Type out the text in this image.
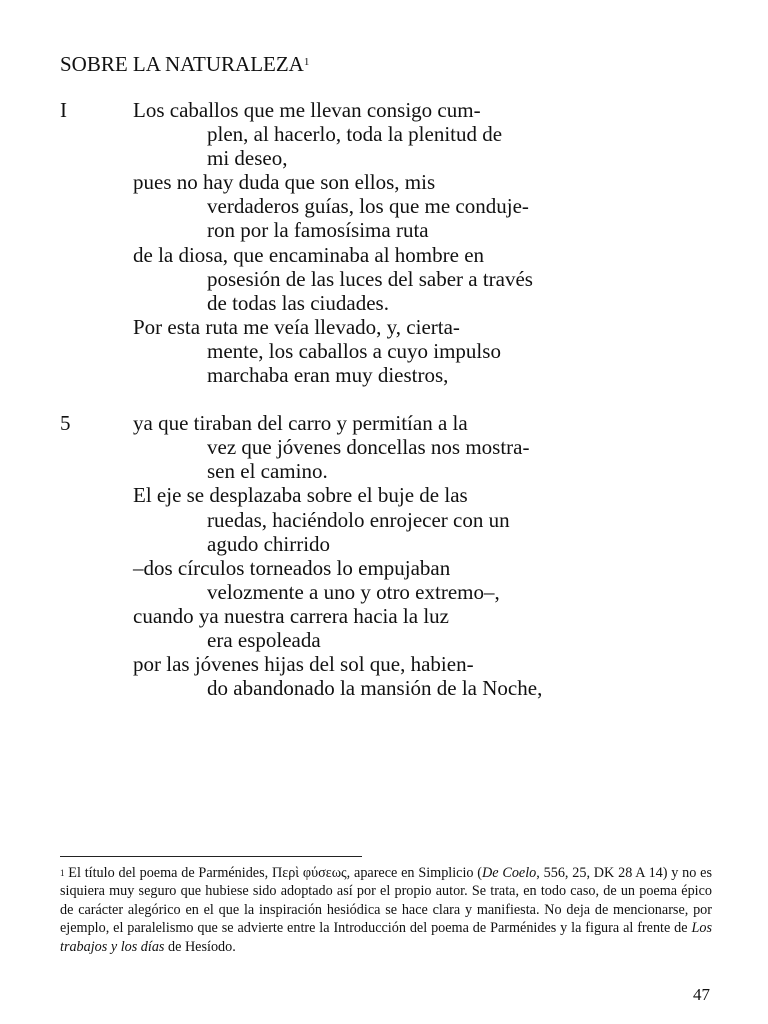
SOBRE LA NATURALEZA$^1$
I	Los caballos que me llevan consigo cum-

plen, al hacerlo, toda la plenitud de

mi deseo,

pues no hay duda que son ellos, mis

verdaderos guías, los que me conduje-

ron por la famosísima ruta

de la diosa, que encaminaba al hombre en

posesión de las luces del saber a través

de todas las ciudades.

Por esta ruta me veía llevado, y, cierta-

mente, los caballos a cuyo impulso

marchaba eran muy diestros,

5	ya que tiraban del carro y permitían a la

vez que jóvenes doncellas nos mostra-

sen el camino.

El eje se desplazaba sobre el buje de las

ruedas, haciéndolo enrojecer con un

agudo chirrido

–dos círculos torneados lo empujaban

velozmente a uno y otro extremo–,

cuando ya nuestra carrera hacia la luz

era espoleada

por las jóvenes hijas del sol que, habien-

do abandonado la mansión de la Noche,

$^1$ El título del poema de Parménides, Περὶ φύσεως, aparece en Simplicio (De Coelo, 556, 25, DK 28 A 14) y no es siquiera muy seguro que hubiese sido adoptado así por el propio autor. Se trata, en todo caso, de un poema épico de carácter alegórico en el que la inspiración hesiódica se hace clara y manifiesta. No deja de mencionarse, por ejemplo, el paralelismo que se advierte entre la Introducción del poema de Parménides y la figura al frente de Los trabajos y los días de Hesíodo.
47
